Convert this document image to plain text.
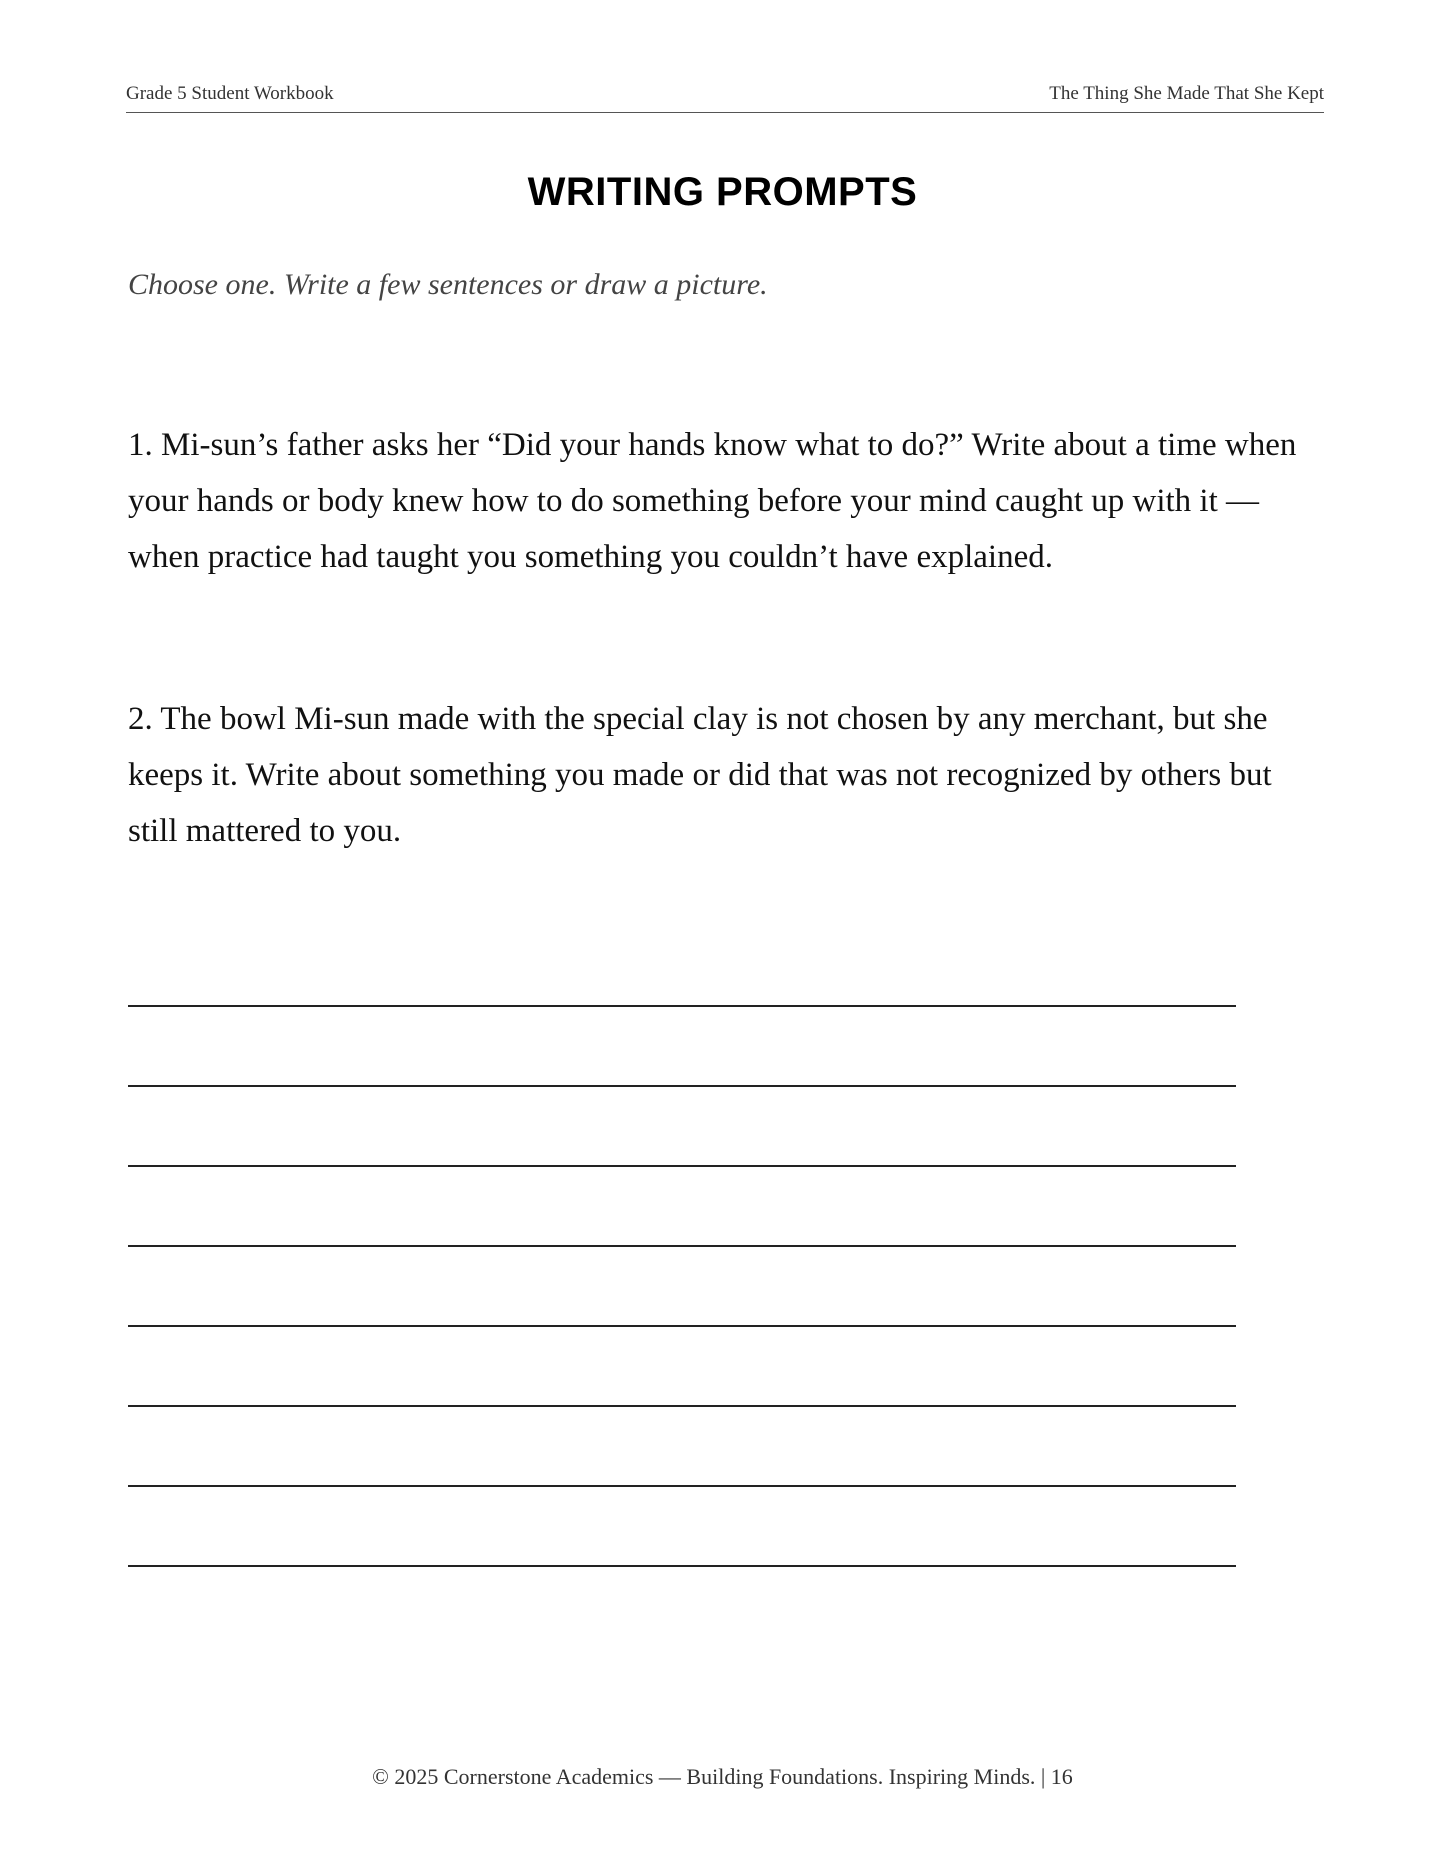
Grade 5 Student Workbook	The Thing She Made That She Kept
WRITING PROMPTS

Choose one. Write a few sentences or draw a picture.

1. Mi-sun’s father asks her “Did your hands know what to do?” Write about a time when your hands or body knew how to do something before your mind caught up with it — when practice had taught you something you couldn’t have explained.

2. The bowl Mi-sun made with the special clay is not chosen by any merchant, but she keeps it. Write about something you made or did that was not recognized by others but still mattered to you.

© 2025 Cornerstone Academics — Building Foundations. Inspiring Minds. | 16
